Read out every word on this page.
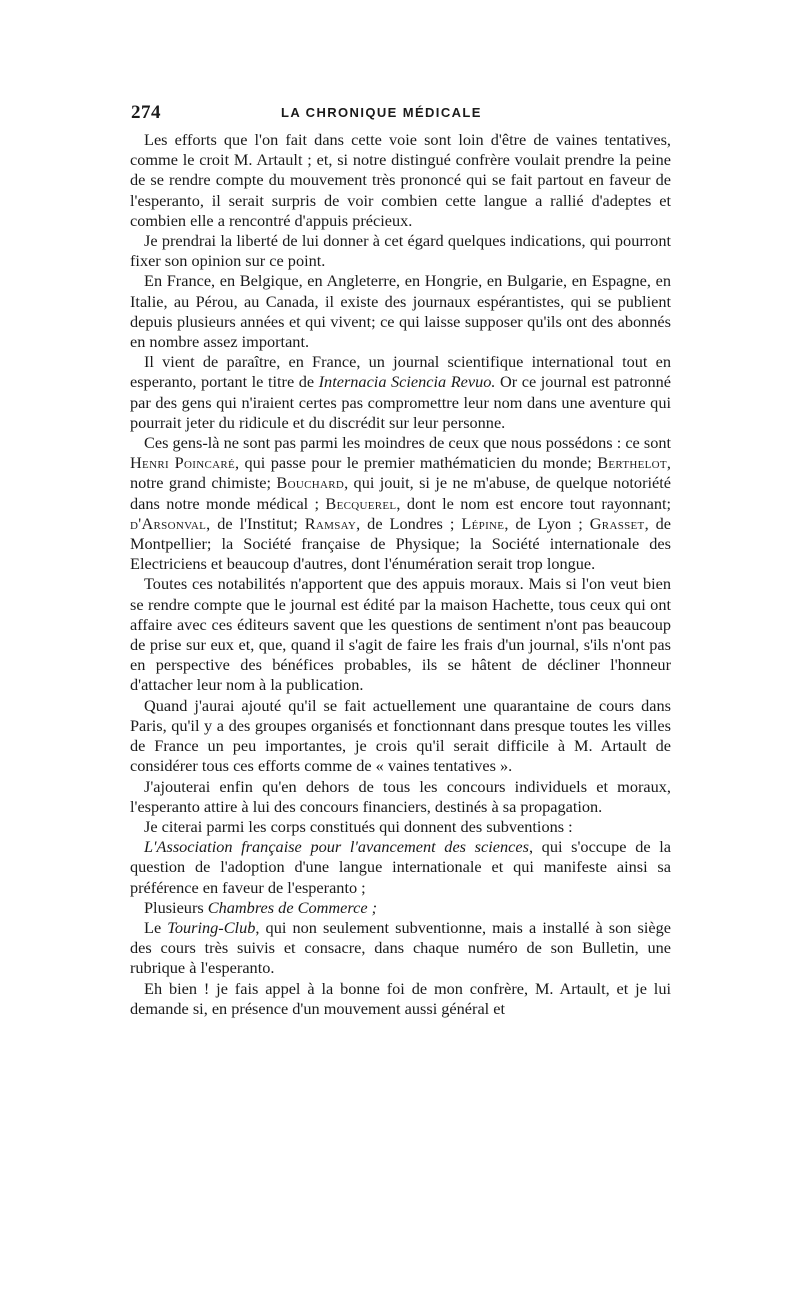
274	LA CHRONIQUE MÉDICALE

Les efforts que l'on fait dans cette voie sont loin d'être de vaines tentatives, comme le croit M. Artault ; et, si notre distingué confrère voulait prendre la peine de se rendre compte du mouvement très prononcé qui se fait partout en faveur de l'esperanto, il serait surpris de voir combien cette langue a rallié d'adeptes et combien elle a rencontré d'appuis précieux.

Je prendrai la liberté de lui donner à cet égard quelques indications, qui pourront fixer son opinion sur ce point.

En France, en Belgique, en Angleterre, en Hongrie, en Bulgarie, en Espagne, en Italie, au Pérou, au Canada, il existe des journaux espérantistes, qui se publient depuis plusieurs années et qui vivent; ce qui laisse supposer qu'ils ont des abonnés en nombre assez important.

Il vient de paraître, en France, un journal scientifique international tout en esperanto, portant le titre de Internacia Sciencia Revuo. Or ce journal est patronné par des gens qui n'iraient certes pas compromettre leur nom dans une aventure qui pourrait jeter du ridicule et du discrédit sur leur personne.

Ces gens-là ne sont pas parmi les moindres de ceux que nous possédons : ce sont Henri Poincaré, qui passe pour le premier mathématicien du monde; Berthelot, notre grand chimiste; Bouchard, qui jouit, si je ne m'abuse, de quelque notoriété dans notre monde médical ; Becquerel, dont le nom est encore tout rayonnant; d'Arsonval, de l'Institut; Ramsay, de Londres ; Lépine, de Lyon ; Grasset, de Montpellier; la Société française de Physique; la Société internationale des Electriciens et beaucoup d'autres, dont l'énumération serait trop longue.

Toutes ces notabilités n'apportent que des appuis moraux. Mais si l'on veut bien se rendre compte que le journal est édité par la maison Hachette, tous ceux qui ont affaire avec ces éditeurs savent que les questions de sentiment n'ont pas beaucoup de prise sur eux et, que, quand il s'agit de faire les frais d'un journal, s'ils n'ont pas en perspective des bénéfices probables, ils se hâtent de décliner l'honneur d'attacher leur nom à la publication.

Quand j'aurai ajouté qu'il se fait actuellement une quarantaine de cours dans Paris, qu'il y a des groupes organisés et fonctionnant dans presque toutes les villes de France un peu importantes, je crois qu'il serait difficile à M. Artault de considérer tous ces efforts comme de « vaines tentatives ».

J'ajouterai enfin qu'en dehors de tous les concours individuels et moraux, l'esperanto attire à lui des concours financiers, destinés à sa propagation.

Je citerai parmi les corps constitués qui donnent des subventions :

L'Association française pour l'avancement des sciences, qui s'occupe de la question de l'adoption d'une langue internationale et qui manifeste ainsi sa préférence en faveur de l'esperanto ;

Plusieurs Chambres de Commerce ;

Le Touring-Club, qui non seulement subventionne, mais a installé à son siège des cours très suivis et consacre, dans chaque numéro de son Bulletin, une rubrique à l'esperanto.

Eh bien ! je fais appel à la bonne foi de mon confrère, M. Artault, et je lui demande si, en présence d'un mouvement aussi général et
